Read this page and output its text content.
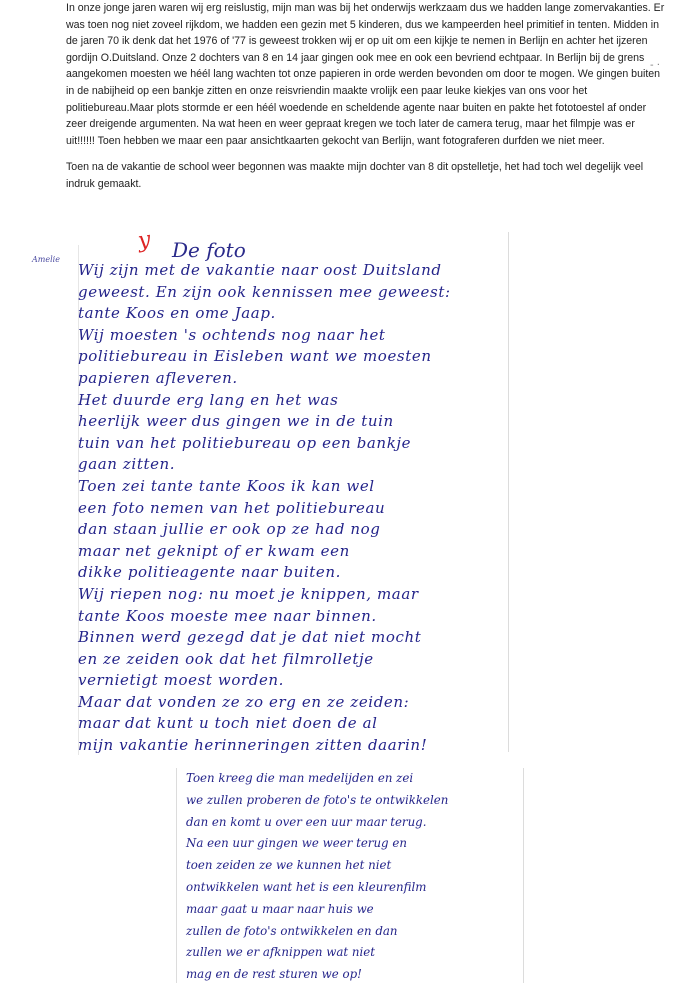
In onze jonge jaren waren wij erg reislustig, mijn man was bij het onderwijs werkzaam dus we hadden lange zomervakanties. Er was toen nog niet zoveel rijkdom, we hadden een gezin met 5 kinderen, dus we kampeerden heel primitief in tenten. Midden in de jaren 70 ik denk dat het 1976 of '77 is geweest trokken wij er op uit om een kijkje te nemen in Berlijn en achter het ijzeren gordijn O.Duitsland. Onze 2 dochters van 8 en 14 jaar gingen ook mee en ook een bevriend echtpaar. In Berlijn bij de grens aangekomen moesten we héél lang wachten tot onze papieren in orde werden bevonden om door te mogen. We gingen buiten in de nabijheid op een bankje zitten en onze reisvriendin maakte vrolijk een paar leuke kiekjes van ons voor het politiebureau.Maar plots stormde er een héél woedende en scheldende agente naar buiten en pakte het fototoestel af onder zeer dreigende argumenten. Na wat heen en weer gepraat kregen we toch later de camera terug, maar het filmpje was er uit!!!!!! Toen hebben we maar een paar ansichtkaarten gekocht van Berlijn, want fotograferen durfden we niet meer.

Toen na de vakantie de school weer begonnen was maakte mijn dochter van 8 dit opstelletje, het had toch wel degelijk veel indruk gemaakt.

- ·
Amelie
y De foto
Wij zijn met de vakantie naar oost Duitsland
geweest. En zijn ook kennissen mee geweest:
tante Koos en ome Jaap.
Wij moesten 's ochtends nog naar het
politiebureau in Eisleben want we moesten
papieren afleveren.
Het duurde erg lang en het was
heerlijk weer dus gingen we in de tuin
tuin van het politiebureau op een bankje
gaan zitten.
Toen zei tante tante Koos ik kan wel
een foto nemen van het politiebureau
dan staan jullie er ook op ze had nog
maar net geknipt of er kwam een
dikke politieagente naar buiten.
Wij riepen nog: nu moet je knippen, maar
tante Koos moeste mee naar binnen.
Binnen werd gezegd dat je dat niet mocht
en ze zeiden ook dat het filmrolletje
vernietigt moest worden.
Maar dat vonden ze zo erg en ze zeiden:
maar dat kunt u toch niet doen de al
mijn vakantie herinneringen zitten daarin!
Toen kreeg die man medelijden en zei
we zullen proberen de foto's te ontwikkelen
dan en komt u over een uur maar terug.
Na een uur gingen we weer terug en
toen zeiden ze we kunnen het niet
ontwikkelen want het is een kleurenfilm
maar gaat u maar naar huis we
zullen de foto's ontwikkelen en dan
zullen we er afknippen wat niet
mag en de rest sturen we op!
